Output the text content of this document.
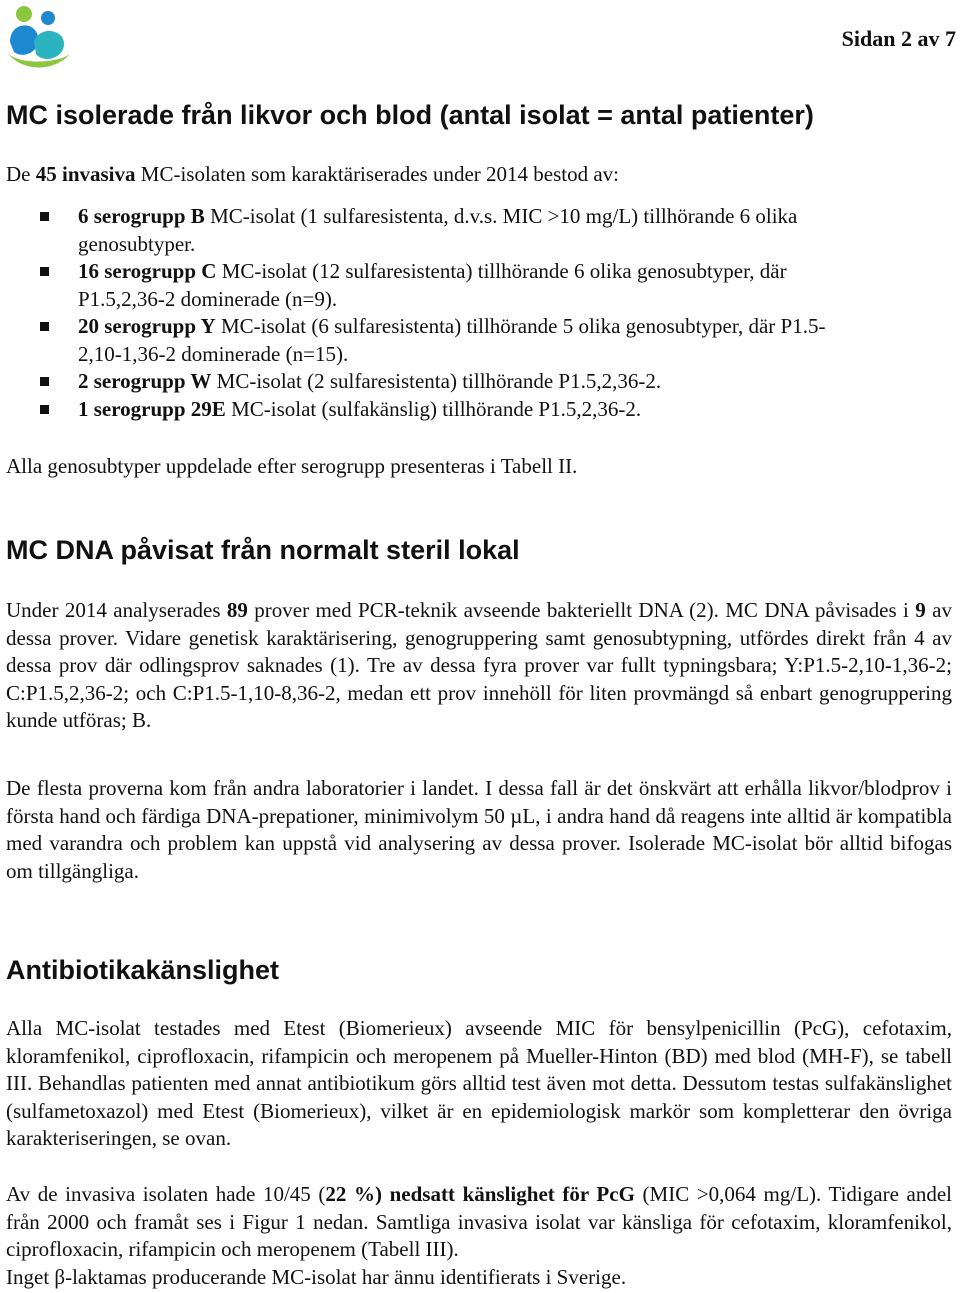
Sidan 2 av 7
MC isolerade från likvor och blod (antal isolat = antal patienter)

De 45 invasiva MC-isolaten som karaktäriserades under 2014 bestod av:

6 serogrupp B MC-isolat (1 sulfaresistenta, d.v.s. MIC >10 mg/L) tillhörande 6 olika genosubtyper.
16 serogrupp C MC-isolat (12 sulfaresistenta) tillhörande 6 olika genosubtyper, där P1.5,2,36-2 dominerade (n=9).
20 serogrupp Y MC-isolat (6 sulfaresistenta) tillhörande 5 olika genosubtyper, där P1.5-2,10-1,36-2 dominerade (n=15).
2 serogrupp W MC-isolat (2 sulfaresistenta) tillhörande P1.5,2,36-2.
1 serogrupp 29E MC-isolat (sulfakänslig) tillhörande P1.5,2,36-2.

Alla genosubtyper uppdelade efter serogrupp presenteras i Tabell II.

MC DNA påvisat från normalt steril lokal

Under 2014 analyserades 89 prover med PCR-teknik avseende bakteriellt DNA (2). MC DNA påvisades i 9 av dessa prover. Vidare genetisk karaktärisering, genogruppering samt genosubtypning, utfördes direkt från 4 av dessa prov där odlingsprov saknades (1). Tre av dessa fyra prover var fullt typningsbara; Y:P1.5-2,10-1,36-2; C:P1.5,2,36-2; och C:P1.5-1,10-8,36-2, medan ett prov innehöll för liten provmängd så enbart genogruppering kunde utföras; B.

De flesta proverna kom från andra laboratorier i landet. I dessa fall är det önskvärt att erhålla likvor/blodprov i första hand och färdiga DNA-prepationer, minimivolym 50 µL, i andra hand då reagens inte alltid är kompatibla med varandra och problem kan uppstå vid analysering av dessa prover. Isolerade MC-isolat bör alltid bifogas om tillgängliga.

Antibiotikakänslighet

Alla MC-isolat testades med Etest (Biomerieux) avseende MIC för bensylpenicillin (PcG), cefotaxim, kloramfenikol, ciprofloxacin, rifampicin och meropenem på Mueller-Hinton (BD) med blod (MH-F), se tabell III. Behandlas patienten med annat antibiotikum görs alltid test även mot detta. Dessutom testas sulfakänslighet (sulfametoxazol) med Etest (Biomerieux), vilket är en epidemiologisk markör som kompletterar den övriga karakteriseringen, se ovan.

Av de invasiva isolaten hade 10/45 (22 %) nedsatt känslighet för PcG (MIC >0,064 mg/L). Tidigare andel från 2000 och framåt ses i Figur 1 nedan. Samtliga invasiva isolat var känsliga för cefotaxim, kloramfenikol, ciprofloxacin, rifampicin och meropenem (Tabell III).

Inget β-laktamas producerande MC-isolat har ännu identifierats i Sverige.
